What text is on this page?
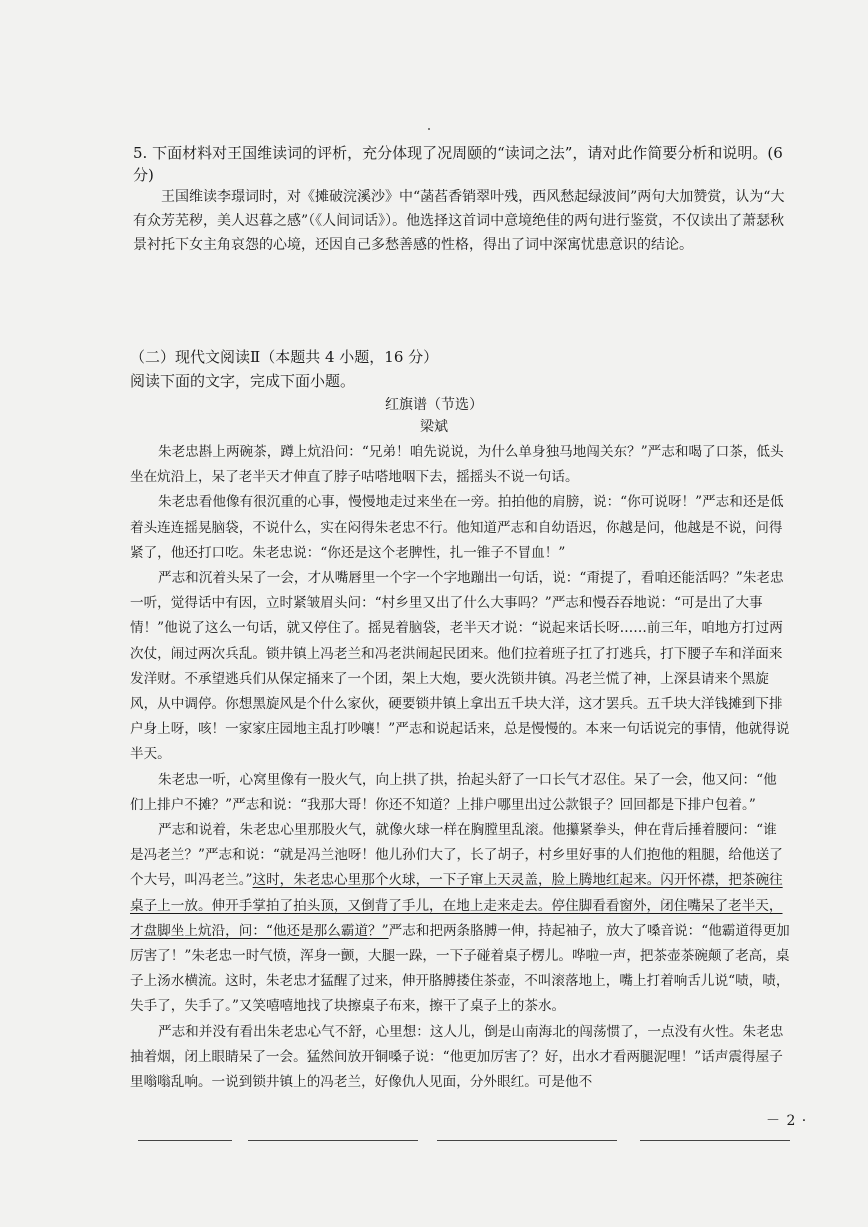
5. 下面材料对王国维读词的评析，充分体现了况周颐的“读词之法”，请对此作简要分析和说明。(6分)
王国维读李璟词时，对《摊破浣溪沙》中“菡萏香销翠叶残，西风愁起绿波间”两句大加赞赏，认为“大有众芳芜秽，美人迟暮之感”（《人间词话》）。他选择这首词中意境绝佳的两句进行鉴赏，不仅读出了萧瑟秋景衬托下女主角哀怨的心境，还因自己多愁善感的性格，得出了词中深寓忧患意识的结论。
（二）现代文阅读Ⅱ（本题共 4 小题，16 分）
阅读下面的文字，完成下面小题。
红旗谱（节选）
梁斌

朱老忠斟上两碗茶，蹲上炕沿问：“兄弟！咱先说说，为什么单身独马地闯关东？”严志和喝了口茶，低头坐在炕沿上，呆了老半天才伸直了脖子咕嗒地咽下去，摇摇头不说一句话。

朱老忠看他像有很沉重的心事，慢慢地走过来坐在一旁。拍拍他的肩膀，说：“你可说呀！”严志和还是低着头连连摇晃脑袋，不说什么，实在闷得朱老忠不行。他知道严志和自幼语迟，你越是问，他越是不说，问得紧了，他还打口吃。朱老忠说：“你还是这个老脾性，扎一锥子不冒血！”

严志和沉着头呆了一会，才从嘴唇里一个字一个字地蹦出一句话，说：“甭提了，看咱还能活吗？”朱老忠一听，觉得话中有因，立时紧皱眉头问：“村乡里又出了什么大事吗？”严志和慢吞吞地说：“可是出了大事情！”他说了这么一句话，就又停住了。摇晃着脑袋，老半天才说：“说起来话长呀……前三年，咱地方打过两次仗，闹过两次兵乱。锁井镇上冯老兰和冯老洪闹起民团来。他们拉着班子扛了打逃兵，打下腰子车和洋面来发洋财。不承望逃兵们从保定捅来了一个团，架上大炮，要火洗锁井镇。冯老兰慌了神，上深县请来个黑旋风，从中调停。你想黑旋风是个什么家伙，硬要锁井镇上拿出五千块大洋，这才罢兵。五千块大洋钱摊到下排户身上呀，咳！一家家庄园地主乱打吵嚷！”严志和说起话来，总是慢慢的。本来一句话说完的事情，他就得说半天。

朱老忠一听，心窝里像有一股火气，向上拱了拱，抬起头舒了一口长气才忍住。呆了一会，他又问：“他们上排户不摊？”严志和说：“我那大哥！你还不知道？上排户哪里出过公款银子？回回都是下排户包着。”

严志和说着，朱老忠心里那股火气，就像火球一样在胸膛里乱滚。他攥紧拳头，伸在背后捶着腰问：“谁是冯老兰？”严志和说：“就是冯兰池呀！他儿孙们大了，长了胡子，村乡里好事的人们抱他的粗腿，给他送了个大号，叫冯老兰。”这时，朱老忠心里那个火球，一下子窜上天灵盖，脸上腾地红起来。闪开怀襟，把茶碗往桌子上一放。伸开手掌拍了拍头顶，又倒背了手儿，在地上走来走去。停住脚看看窗外，闭住嘴呆了老半天，才盘脚坐上炕沿，问：“他还是那么霸道？”严志和把两条胳膊一伸，持起袖子，放大了嗓音说：“他霸道得更加厉害了！”朱老忠一时气愤，浑身一颤，大腿一跺，一下子碰着桌子楞儿。哗啦一声，把茶壶茶碗颠了老高，桌子上汤水横流。这时，朱老忠才猛醒了过来，伸开胳膊搂住茶壶，不叫滚落地上，嘴上打着响舌儿说“啧，啧，失手了，失手了。”又笑嘻嘻地找了块擦桌子布来，擦干了桌子上的茶水。

严志和并没有看出朱老忠心气不舒，心里想：这人儿，倒是山南海北的闯荡惯了，一点没有火性。朱老忠抽着烟，闭上眼睛呆了一会。猛然间放开铜嗓子说：“他更加厉害了？好，出水才看两腿泥哩！”话声震得屋子里嗡嗡乱响。一说到锁井镇上的冯老兰，好像仇人见面，分外眼红。可是他不

－ 2 ·
